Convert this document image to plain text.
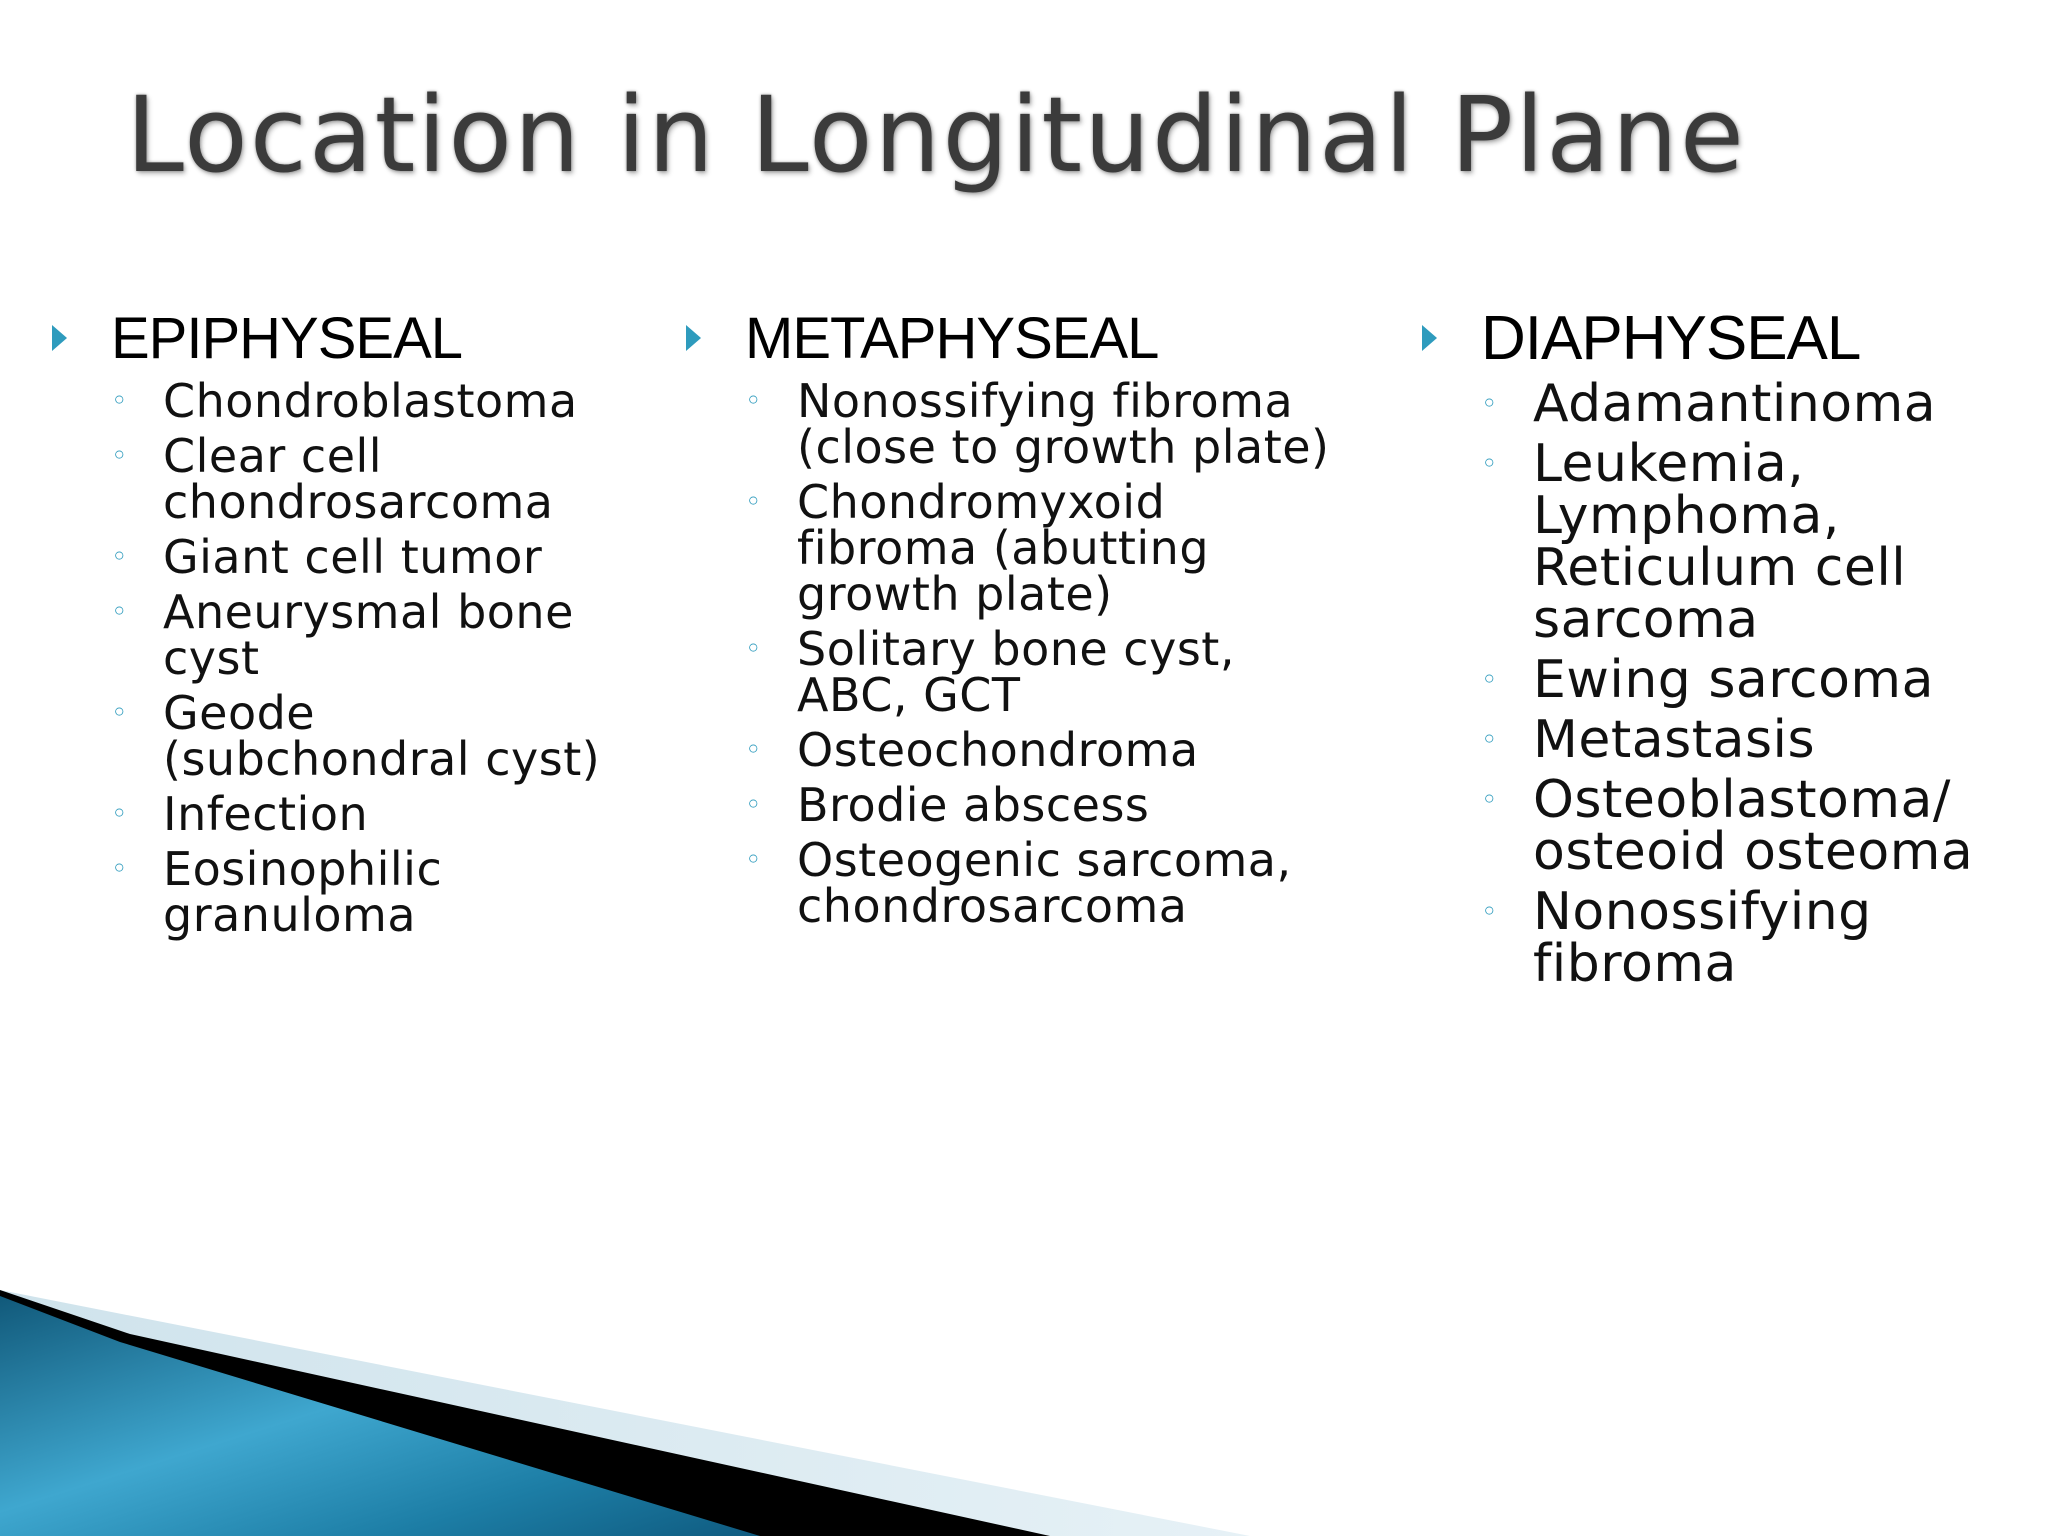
Location in Longitudinal Plane
EPIPHYSEAL
◦ Chondroblastoma
◦ Clear cell chondrosarcoma
◦ Giant cell tumor
◦ Aneurysmal bone cyst
◦ Geode (subchondral cyst)
◦ Infection
◦ Eosinophilic granuloma
METAPHYSEAL
◦ Nonossifying fibroma (close to growth plate)
◦ Chondromyxoid fibroma (abutting growth plate)
◦ Solitary bone cyst, ABC, GCT
◦ Osteochondroma
◦ Brodie abscess
◦ Osteogenic sarcoma, chondrosarcoma
DIAPHYSEAL
◦ Adamantinoma
◦ Leukemia, Lymphoma, Reticulum cell sarcoma
◦ Ewing sarcoma
◦ Metastasis
◦ Osteoblastoma/ osteoid osteoma
◦ Nonossifying fibroma
